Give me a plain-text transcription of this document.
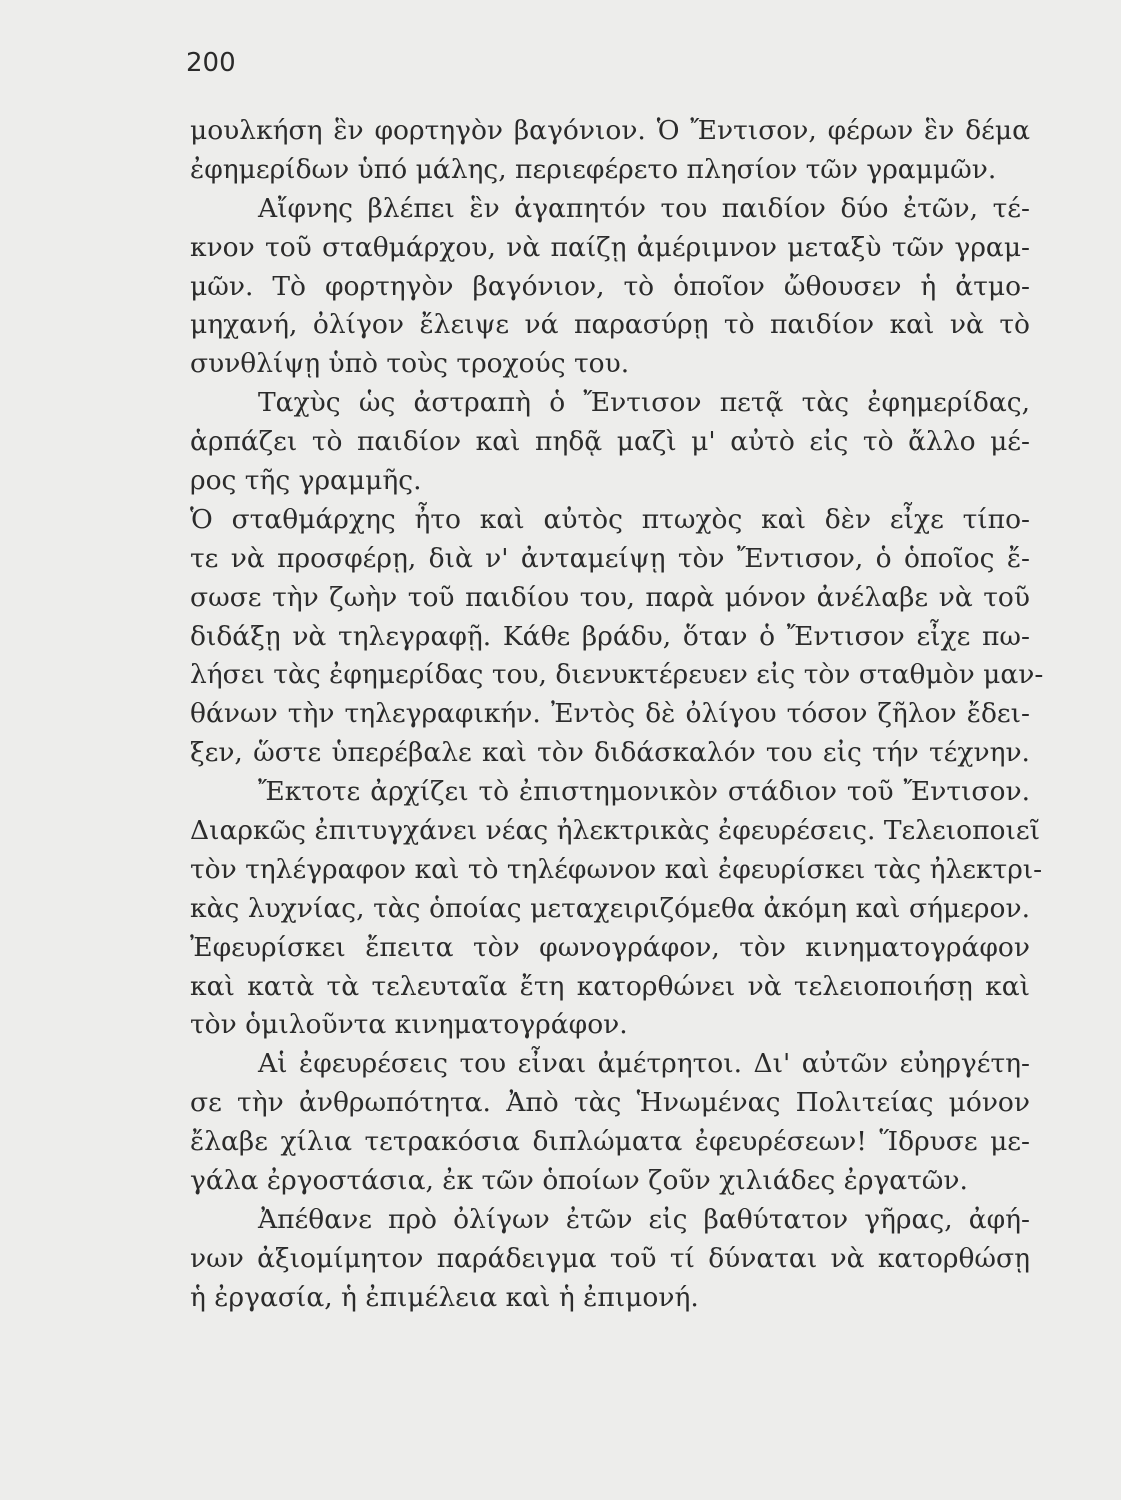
200
μουλκήση ἓν φορτηγὸν βαγόνιον. Ὁ Ἔντισον, φέρων ἓν δέμα
ἐφημερίδων ὑπό μάλης, περιεφέρετο πλησίον τῶν γραμμῶν.
Αἴφνης βλέπει ἓν ἀγαπητόν του παιδίον δύο ἐτῶν, τέ-
κνον τοῦ σταθμάρχου, νὰ παίζῃ ἀμέριμνον μεταξὺ τῶν γραμ-
μῶν. Τὸ φορτηγὸν βαγόνιον, τὸ ὁποῖον ὤθουσεν ἡ ἀτμο-
μηχανή, ὀλίγον ἔλειψε νά παρασύρῃ τὸ παιδίον καὶ νὰ τὸ
συνθλίψῃ ὑπὸ τοὺς τροχούς του.
Ταχὺς ὡς ἀστραπὴ ὁ Ἔντισον πετᾷ τὰς ἐφημερίδας,
ἁρπάζει τὸ παιδίον καὶ πηδᾷ μαζὶ μ' αὐτὸ εἰς τὸ ἄλλο μέ-
ρος τῆς γραμμῆς.
Ὁ σταθμάρχης ἦτο καὶ αὐτὸς πτωχὸς καὶ δὲν εἶχε τίπο-
τε νὰ προσφέρῃ, διὰ ν' ἀνταμείψῃ τὸν Ἔντισον, ὁ ὁποῖος ἔ-
σωσε τὴν ζωὴν τοῦ παιδίου του, παρὰ μόνον ἀνέλαβε νὰ τοῦ
διδάξῃ νὰ τηλεγραφῇ. Κάθε βράδυ, ὅταν ὁ Ἔντισον εἶχε πω-
λήσει τὰς ἐφημερίδας του, διενυκτέρευεν εἰς τὸν σταθμὸν μαν-
θάνων τὴν τηλεγραφικήν. Ἐντὸς δὲ ὀλίγου τόσον ζῆλον ἔδει-
ξεν, ὥστε ὑπερέβαλε καὶ τὸν διδάσκαλόν του εἰς τήν τέχνην.
Ἔκτοτε ἀρχίζει τὸ ἐπιστημονικὸν στάδιον τοῦ Ἔντισον.
Διαρκῶς ἐπιτυγχάνει νέας ἠλεκτρικὰς ἐφευρέσεις. Τελειοποιεῖ
τὸν τηλέγραφον καὶ τὸ τηλέφωνον καὶ ἐφευρίσκει τὰς ἠλεκτρι-
κὰς λυχνίας, τὰς ὁποίας μεταχειριζόμεθα ἀκόμη καὶ σήμερον.
Ἐφευρίσκει ἔπειτα τὸν φωνογράφον, τὸν κινηματογράφον
καὶ κατὰ τὰ τελευταῖα ἔτη κατορθώνει νὰ τελειοποιήσῃ καὶ
τὸν ὁμιλοῦντα κινηματογράφον.
Αἱ ἐφευρέσεις του εἶναι ἀμέτρητοι. Δι' αὐτῶν εὐηργέτη-
σε τὴν ἀνθρωπότητα. Ἀπὸ τὰς Ἡνωμένας Πολιτείας μόνον
ἔλαβε χίλια τετρακόσια διπλώματα ἐφευρέσεων! Ἵδρυσε με-
γάλα ἐργοστάσια, ἐκ τῶν ὁποίων ζοῦν χιλιάδες ἐργατῶν.
Ἀπέθανε πρὸ ὀλίγων ἐτῶν εἰς βαθύτατον γῆρας, ἀφή-
νων ἀξιομίμητον παράδειγμα τοῦ τί δύναται νὰ κατορθώσῃ
ἡ ἐργασία, ἡ ἐπιμέλεια καὶ ἡ ἐπιμονή.
